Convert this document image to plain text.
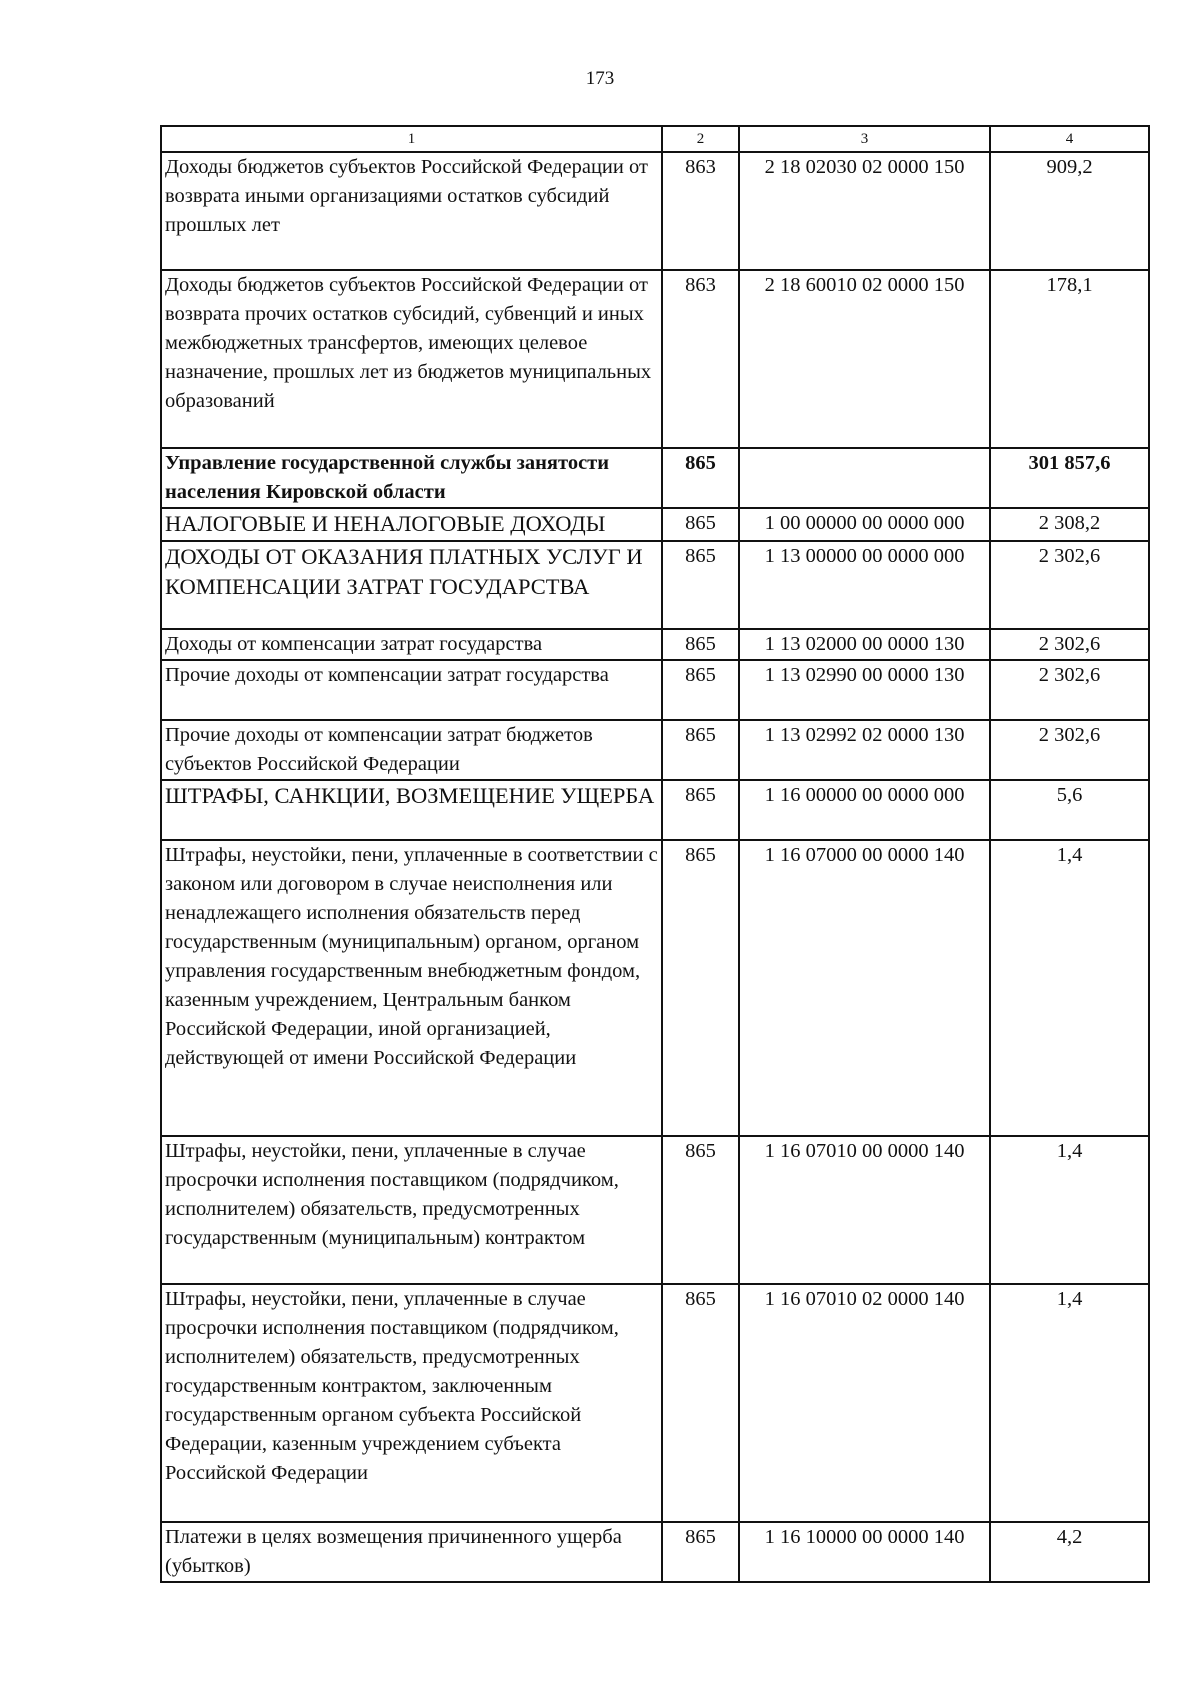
173
1	2	3	4
Доходы бюджетов субъектов Российской Федерации от возврата иными организациями остатков субсидий прошлых лет	863	2 18 02030 02 0000 150	909,2
Доходы бюджетов субъектов Российской Федерации от возврата прочих остатков субсидий, субвенций и иных межбюджетных трансфертов, имеющих целевое назначение, прошлых лет из бюджетов муниципальных образований	863	2 18 60010 02 0000 150	178,1
Управление государственной службы занятости населения Кировской области	865		301 857,6
НАЛОГОВЫЕ И НЕНАЛОГОВЫЕ ДОХОДЫ	865	1 00 00000 00 0000 000	2 308,2
ДОХОДЫ ОТ ОКАЗАНИЯ ПЛАТНЫХ УСЛУГ И КОМПЕНСАЦИИ ЗАТРАТ ГОСУДАРСТВА	865	1 13 00000 00 0000 000	2 302,6
Доходы от компенсации затрат государства	865	1 13 02000 00 0000 130	2 302,6
Прочие доходы от компенсации затрат государства	865	1 13 02990 00 0000 130	2 302,6
Прочие доходы от компенсации затрат бюджетов субъектов Российской Федерации	865	1 13 02992 02 0000 130	2 302,6
ШТРАФЫ, САНКЦИИ, ВОЗМЕЩЕНИЕ УЩЕРБА	865	1 16 00000 00 0000 000	5,6
Штрафы, неустойки, пени, уплаченные в соответствии с законом или договором в случае неисполнения или ненадлежащего исполнения обязательств перед государственным (муниципальным) органом, органом управления государственным внебюджетным фондом, казенным учреждением, Центральным банком Российской Федерации, иной организацией, действующей от имени Российской Федерации	865	1 16 07000 00 0000 140	1,4
Штрафы, неустойки, пени, уплаченные в случае просрочки исполнения поставщиком (подрядчиком, исполнителем) обязательств, предусмотренных государственным (муниципальным) контрактом	865	1 16 07010 00 0000 140	1,4
Штрафы, неустойки, пени, уплаченные в случае просрочки исполнения поставщиком (подрядчиком, исполнителем) обязательств, предусмотренных государственным контрактом, заключенным государственным органом субъекта Российской Федерации, казенным учреждением субъекта Российской Федерации	865	1 16 07010 02 0000 140	1,4
Платежи в целях возмещения причиненного ущерба (убытков)	865	1 16 10000 00 0000 140	4,2
